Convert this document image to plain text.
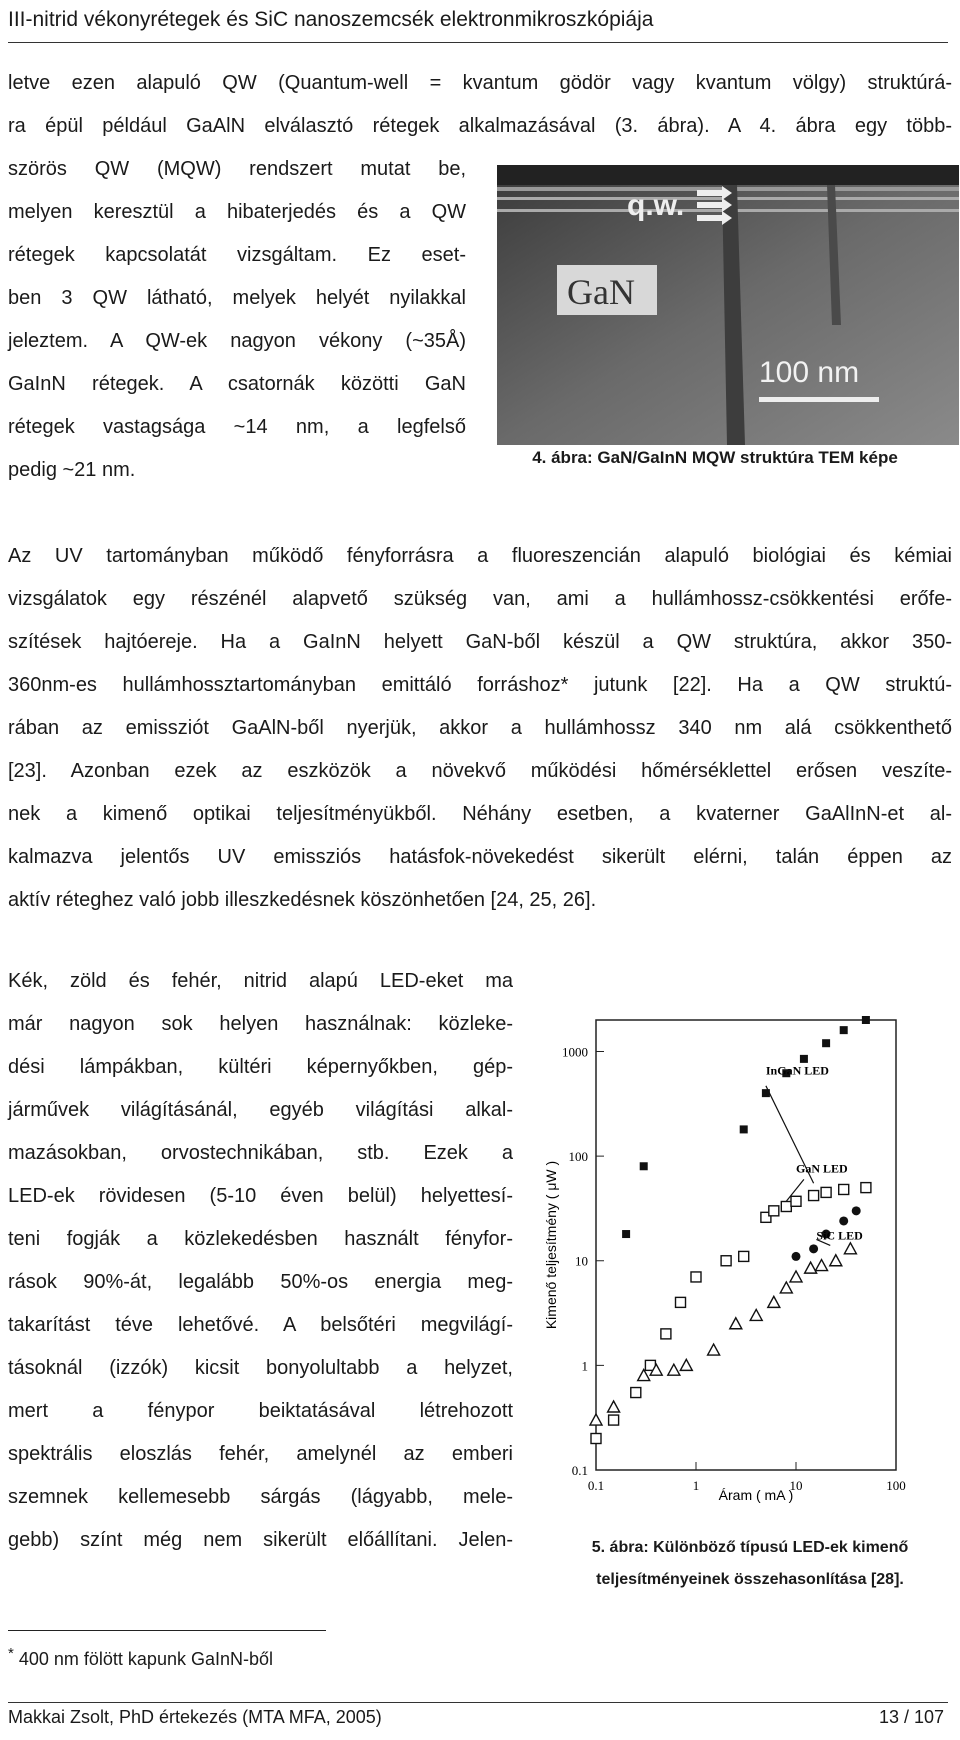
III-nitrid vékonyrétegek és SiC nanoszemcsék elektronmikroszkópiája
letve ezen alapuló QW (Quantum-well = kvantum gödör vagy kvantum völgy) struktúrá-
ra épül például GaAlN elválasztó rétegek alkalmazásával (3. ábra). A 4. ábra egy több-
szörös QW (MQW) rendszert mutat be,
melyen keresztül a hibaterjedés és a QW
rétegek kapcsolatát vizsgáltam. Ez eset-
ben 3 QW látható, melyek helyét nyilakkal
jeleztem. A QW-ek nagyon vékony (~35Å)
GaInN rétegek. A csatornák közötti GaN
rétegek vastagsága ~14 nm, a legfelső
pedig ~21 nm.
q.w.
GaN
100 nm
4. ábra: GaN/GaInN MQW struktúra TEM képe
Az UV tartományban működő fényforrásra a fluoreszencián alapuló biológiai és kémiai
vizsgálatok egy részénél alapvető szükség van, ami a hullámhossz-csökkentési erőfe-
szítések hajtóereje. Ha a GaInN helyett GaN-ből készül a QW struktúra, akkor 350-
360nm-es hullámhossztartományban emittáló forráshoz* jutunk [22]. Ha a QW struktú-
rában az emissziót GaAlN-ből nyerjük, akkor a hullámhossz 340 nm alá csökkenthető
[23]. Azonban ezek az eszközök a növekvő működési hőmérséklettel erősen veszíte-
nek a kimenő optikai teljesítményükből. Néhány esetben, a kvaterner GaAlInN-et al-
kalmazva jelentős UV emissziós hatásfok-növekedést sikerült elérni, talán éppen az
aktív réteghez való jobb illeszkedésnek köszönhetően [24, 25, 26].
Kék, zöld és fehér, nitrid alapú LED-eket ma
már nagyon sok helyen használnak: közleke-
dési lámpákban, kültéri képernyőkben, gép-
járművek világításánál, egyéb világítási alkal-
mazásokban, orvostechnikában, stb. Ezek a
LED-ek rövidesen (5-10 éven belül) helyettesí-
teni fogják a közlekedésben használt fényfor-
rások 90%-át, legalább 50%-os energia meg-
takarítást téve lehetővé. A belsőtéri megvilágí-
tásoknál (izzók) kicsit bonyolultabb a helyzet,
mert a fénypor beiktatásával létrehozott
spektrális eloszlás fehér, amelynél az emberi
szemnek kellemesebb sárgás (lágyabb, mele-
gebb) színt még nem sikerült előállítani. Jelen-
0.1	1	10	100
0.1
1
10
100
1000
Áram ( mA )
Kimenő teljesítmény ( μW )
InGaN LED
GaN LED
SiC LED
5. ábra: Különböző típusú LED-ek kimenő
teljesítményeinek összehasonlítása [28].
* 400 nm fölött kapunk GaInN-ből
Makkai Zsolt, PhD értekezés (MTA MFA, 2005)	13 / 107
